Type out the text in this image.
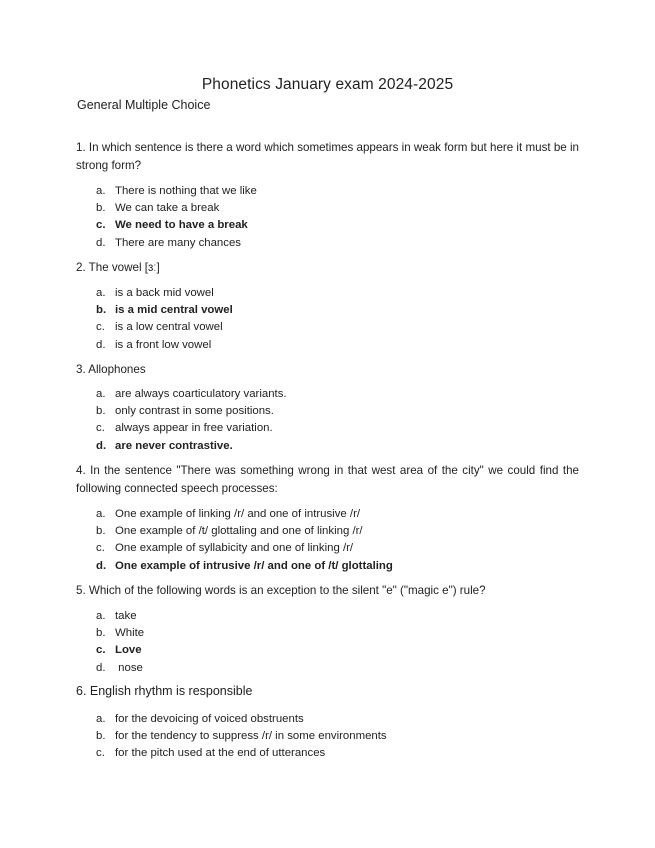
Phonetics January exam 2024-2025
General Multiple Choice
1. In which sentence is there a word which sometimes appears in weak form but here it must be in strong form?
a. There is nothing that we like
b. We can take a break
c. We need to have a break
d. There are many chances
2. The vowel [ɜː]
a. is a back mid vowel
b. is a mid central vowel
c. is a low central vowel
d. is a front low vowel
3. Allophones
a. are always coarticulatory variants.
b. only contrast in some positions.
c. always appear in free variation.
d. are never contrastive.
4. In the sentence "There was something wrong in that west area of the city" we could find the following connected speech processes:
a. One example of linking /r/ and one of intrusive /r/
b. One example of /t/ glottaling and one of linking /r/
c. One example of syllabicity and one of linking /r/
d. One example of intrusive /r/ and one of /t/ glottaling
5. Which of the following words is an exception to the silent "e" ("magic e") rule?
a. take
b. White
c. Love
d. nose
6. English rhythm is responsible
a. for the devoicing of voiced obstruents
b. for the tendency to suppress /r/ in some environments
c. for the pitch used at the end of utterances
